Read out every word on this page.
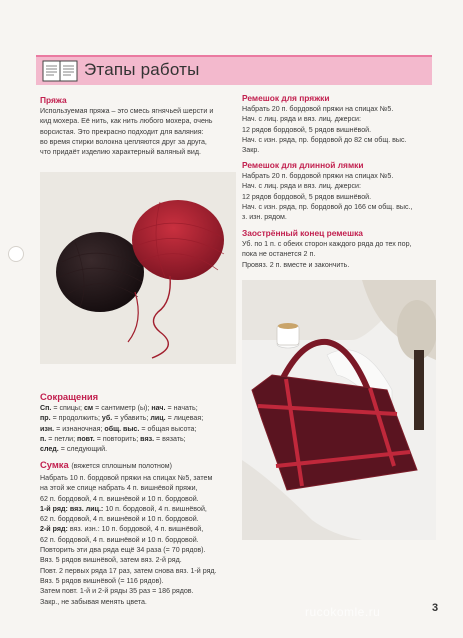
Этапы работы
Пряжа
Используемая пряжа – это смесь ягнячьей шерсти и
кид мохера. Её нить, как нить любого мохера, очень
ворсистая. Это прекрасно подходит для валяния:
во время стирки волокна цепляются друг за друга,
что придаёт изделию характерный валяный вид.
Сокращения
Сп. = спицы; см = сантиметр (ы); нач. = начать;
пр. = продолжить; уб. = убавить; лиц. = лицевая;
изн. = изнаночная; общ. выс. = общая высота;
п. = петли; повт. = повторить; вяз. = вязать;
след. = следующий.
Сумка (вяжется сплошным полотном)
Набрать 10 п. бордовой пряжи на спицах №5, затем
на этой же спице набрать 4 п. вишнёвой пряжи,
62 п. бордовой, 4 п. вишнёвой и 10 п. бордовой.
1-й ряд: вяз. лиц.: 10 п. бордовой, 4 п. вишнёвой,
62 п. бордовой, 4 п. вишнёвой и 10 п. бордовой.
2-й ряд: вяз. изн.: 10 п. бордовой, 4 п. вишнёвой,
62 п. бордовой, 4 п. вишнёвой и 10 п. бордовой.
Повторить эти два ряда ещё 34 раза (= 70 рядов).
Вяз. 5 рядов вишнёвой, затем вяз. 2-й ряд.
Повт. 2 первых ряда 17 раз, затем снова вяз. 1-й ряд.
Вяз. 5 рядов вишнёвой (= 116 рядов).
Затем повт. 1-й и 2-й ряды 35 раз = 186 рядов.
Закр., не забывая менять цвета.
Ремешок для пряжки
Набрать 20 п. бордовой пряжи на спицах №5.
Нач. с лиц. ряда и вяз. лиц. джерси:
12 рядов бордовой, 5 рядов вишнёвой.
Нач. с изн. ряда, пр. бордовой до 82 см общ. выс.
Закр.
Ремешок для длинной лямки
Набрать 20 п. бордовой пряжи на спицах №5.
Нач. с лиц. ряда и вяз. лиц. джерси:
12 рядов бордовой, 5 рядов вишнёвой.
Нач. с изн. ряда, пр. бордовой до 166 см общ. выс.,
з. изн. рядом.
Заострённый конец ремешка
Уб. по 1 п. с обеих сторон каждого ряда до тех пор,
пока не останется 2 п.
Провяз. 2 п. вместе и закончить.
rucokomle.ru	3
